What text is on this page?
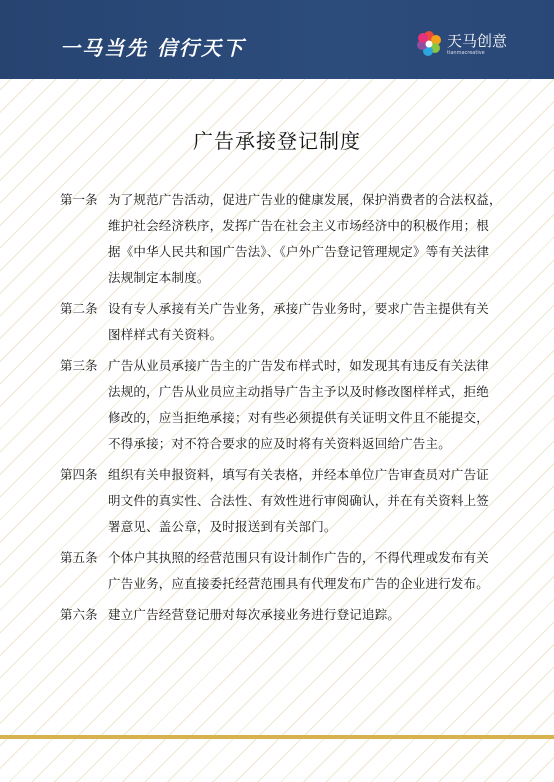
一马当先 信行天下	天马创意
tianmacreative
广告承接登记制度
第一条 为了规范广告活动，促进广告业的健康发展，保护消费者的合法权益，
维护社会经济秩序，发挥广告在社会主义市场经济中的积极作用；根
据《中华人民共和国广告法》、《户外广告登记管理规定》等有关法律
法规制定本制度。
第二条 设有专人承接有关广告业务，承接广告业务时，要求广告主提供有关
图样样式有关资料。
第三条 广告从业员承接广告主的广告发布样式时，如发现其有违反有关法律
法规的，广告从业员应主动指导广告主予以及时修改图样样式，拒绝
修改的，应当拒绝承接；对有些必须提供有关证明文件且不能提交，
不得承接；对不符合要求的应及时将有关资料返回给广告主。
第四条 组织有关申报资料，填写有关表格，并经本单位广告审查员对广告证
明文件的真实性、合法性、有效性进行审阅确认，并在有关资料上签
署意见、盖公章，及时报送到有关部门。
第五条 个体户其执照的经营范围只有设计制作广告的，不得代理或发布有关
广告业务，应直接委托经营范围具有代理发布广告的企业进行发布。
第六条 建立广告经营登记册对每次承接业务进行登记追踪。
